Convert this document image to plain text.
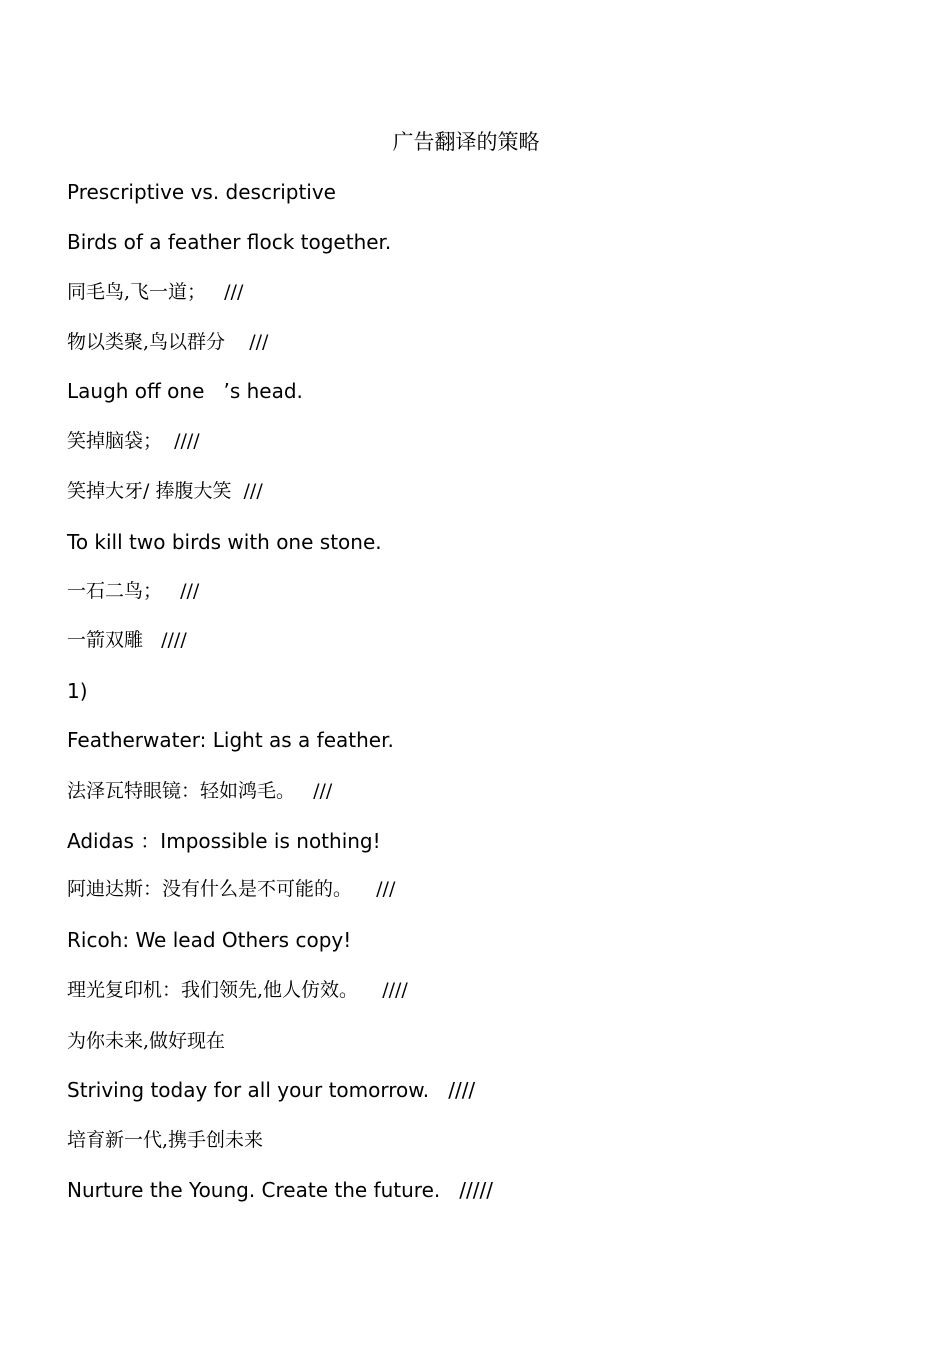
广告翻译的策略

Prescriptive vs. descriptive

Birds of a feather flock together.

同毛鸟,飞一道；   ///

物以类聚,鸟以群分    ///

Laugh off one   ’s head.

笑掉脑袋；  ////

笑掉大牙/ 捧腹大笑  ///

To kill two birds with one stone.

一石二鸟；   ///

一箭双雕   ////

1)

Featherwater: Light as a feather.

法泽瓦特眼镜：轻如鸿毛。   ///

Adidas ：Impossible is nothing!

阿迪达斯：没有什么是不可能的。    ///

Ricoh: We lead Others copy!

理光复印机：我们领先,他人仿效。    ////

为你未来,做好现在

Striving today for all your tomorrow.   ////

培育新一代,携手创未来

Nurture the Young. Create the future.   /////
